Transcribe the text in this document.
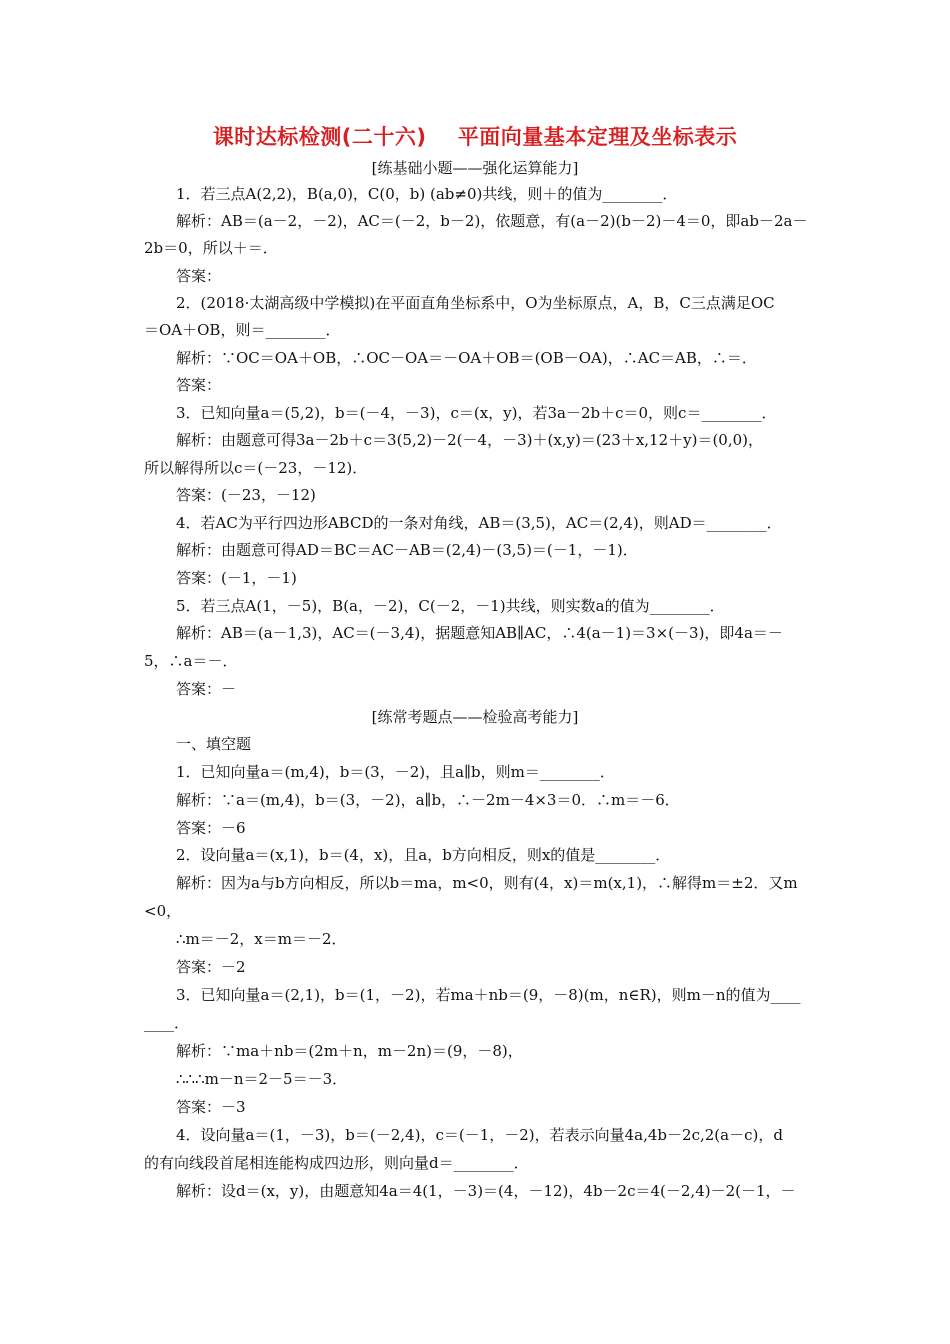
课时达标检测(二十六)    平面向量基本定理及坐标表示
[练基础小题——强化运算能力]
1．若三点A(2,2)，B(a,0)，C(0，b) (ab≠0)共线，则＋的值为________．
解析：AB＝(a－2，－2)，AC＝(－2，b－2)，依题意，有(a－2)(b－2)－4＝0，即ab－2a－
2b＝0，所以＋＝．
答案：
2．(2018·太湖高级中学模拟)在平面直角坐标系中，O为坐标原点，A，B，C三点满足OC
＝OA＋OB，则＝________．
解析：∵OC＝OA＋OB，∴OC－OA＝－OA＋OB＝(OB－OA)，∴AC＝AB，∴＝．
答案：
3．已知向量a＝(5,2)，b＝(－4，－3)，c＝(x，y)，若3a－2b＋c＝0，则c＝________．
解析：由题意可得3a－2b＋c＝3(5,2)－2(－4，－3)＋(x,y)＝(23＋x,12＋y)＝(0,0)，
所以解得所以c＝(－23，－12)．
答案：(－23，－12)
4．若AC为平行四边形ABCD的一条对角线，AB＝(3,5)，AC＝(2,4)，则AD＝________．
解析：由题意可得AD＝BC＝AC－AB＝(2,4)－(3,5)＝(－1，－1)．
答案：(－1，－1)
5．若三点A(1，－5)，B(a，－2)，C(－2，－1)共线，则实数a的值为________．
解析：AB＝(a－1,3)，AC＝(－3,4)，据题意知AB∥AC，∴4(a－1)＝3×(－3)，即4a＝－
5，∴a＝－．
答案：－
[练常考题点——检验高考能力]
一、填空题
1．已知向量a＝(m,4)，b＝(3，－2)，且a∥b，则m＝________．
解析：∵a＝(m,4)，b＝(3，－2)，a∥b，∴－2m－4×3＝0．∴m＝－6．
答案：－6
2．设向量a＝(x,1)，b＝(4，x)，且a，b方向相反，则x的值是________．
解析：因为a与b方向相反，所以b＝ma，m<0，则有(4，x)＝m(x,1)，∴解得m＝±2．又m
<0，
∴m＝－2，x＝m＝－2．
答案：－2
3．已知向量a＝(2,1)，b＝(1，－2)，若ma＋nb＝(9，－8)(m，n∈R)，则m－n的值为____
____．
解析：∵ma＋nb＝(2m＋n，m－2n)＝(9，－8)，
∴∴∴m－n＝2－5＝－3．
答案：－3
4．设向量a＝(1，－3)，b＝(－2,4)，c＝(－1，－2)，若表示向量4a,4b－2c,2(a－c)，d
的有向线段首尾相连能构成四边形，则向量d＝________．
解析：设d＝(x，y)，由题意知4a＝4(1，－3)＝(4，－12)，4b－2c＝4(－2,4)－2(－1，－
